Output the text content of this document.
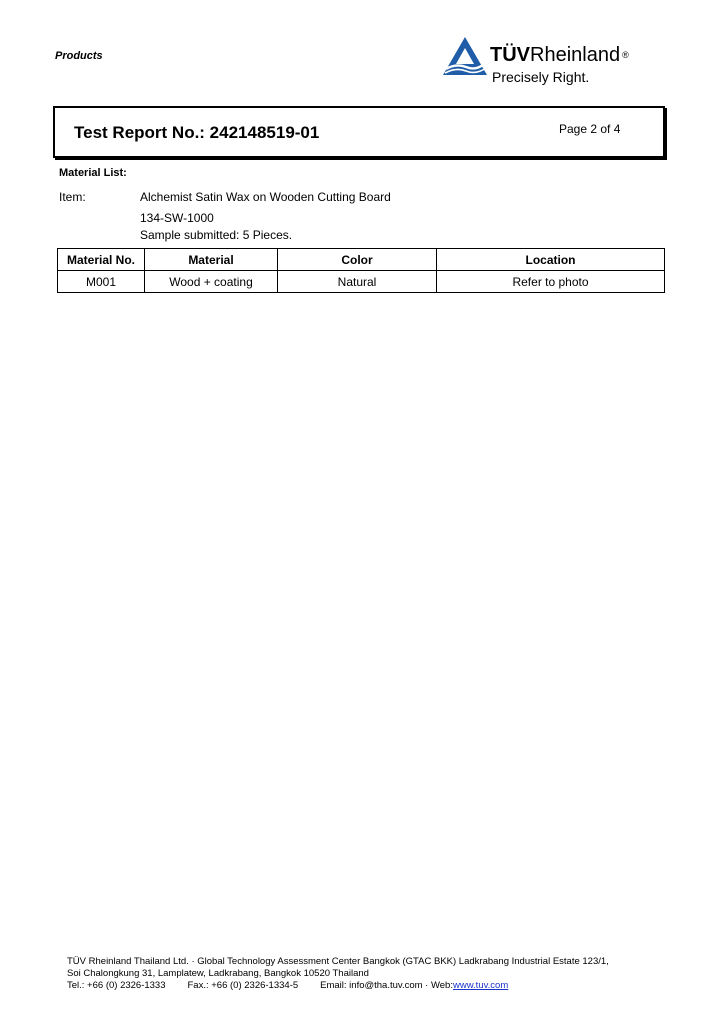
Products	TÜVRheinland ®
Precisely Right.
Test Report No.: 242148519-01	Page 2 of 4
Material List:
Item:	Alchemist Satin Wax on Wooden Cutting Board
134-SW-1000
Sample submitted: 5 Pieces.
Material No.	Material	Color	Location
M001	Wood + coating	Natural	Refer to photo
TÜV Rheinland Thailand Ltd. · Global Technology Assessment Center Bangkok (GTAC BKK) Ladkrabang Industrial Estate 123/1,
Soi Chalongkung 31, Lamplatew, Ladkrabang, Bangkok 10520 Thailand
Tel.: +66 (0) 2326-1333 Fax.: +66 (0) 2326-1334-5 Email: info@tha.tuv.com · Web:www.tuv.com
